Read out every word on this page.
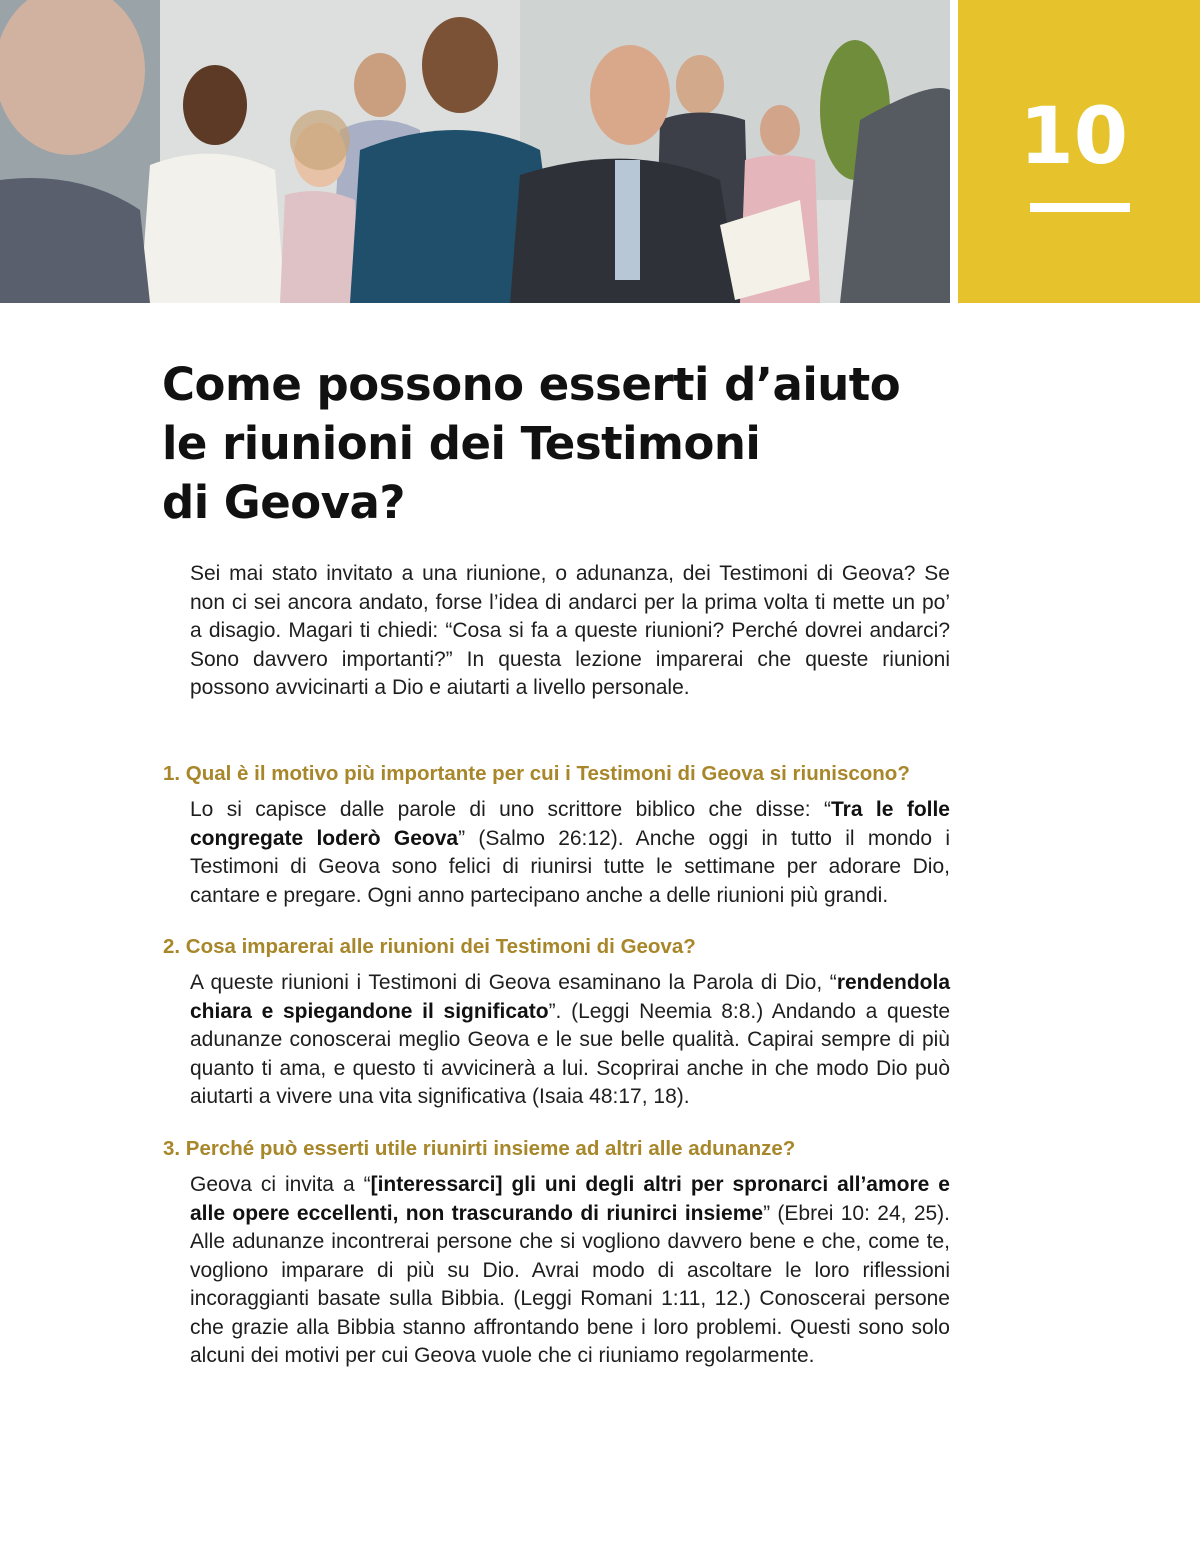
10
Come possono esserti d’aiuto
le riunioni dei Testimoni
di Geova?

Sei mai stato invitato a una riunione, o adunanza, dei Testimoni di Geova? Se non ci sei ancora andato, forse l’idea di andarci per la prima volta ti mette un po’ a disagio. Magari ti chiedi: “Cosa si fa a queste riunioni? Perché dovrei andarci? Sono davvero importanti?” In questa lezione imparerai che queste riunioni possono avvicinarti a Dio e aiutarti a livello personale.

1. Qual è il motivo più importante per cui i Testimoni di Geova si riuniscono?

Lo si capisce dalle parole di uno scrittore biblico che disse: “Tra le folle congregate loderò Geova” (Salmo 26:12). Anche oggi in tutto il mondo i Testimoni di Geova sono felici di riunirsi tutte le settimane per adorare Dio, cantare e pregare. Ogni anno partecipano anche a delle riunioni più grandi.

2. Cosa imparerai alle riunioni dei Testimoni di Geova?

A queste riunioni i Testimoni di Geova esaminano la Parola di Dio, “rendendola chiara e spiegandone il significato”. (Leggi Neemia 8:8.) Andando a queste adunanze conoscerai meglio Geova e le sue belle qualità. Capirai sempre di più quanto ti ama, e questo ti avvicinerà a lui. Scoprirai anche in che modo Dio può aiutarti a vivere una vita significativa (Isaia 48:17, 18).

3. Perché può esserti utile riunirti insieme ad altri alle adunanze?

Geova ci invita a “[interessarci] gli uni degli altri per spronarci all’amore e alle opere eccellenti, non trascurando di riunirci insieme” (Ebrei 10: 24, 25). Alle adunanze incontrerai persone che si vogliono davvero bene e che, come te, vogliono imparare di più su Dio. Avrai modo di ascoltare le loro riflessioni incoraggianti basate sulla Bibbia. (Leggi Romani 1:11, 12.) Conoscerai persone che grazie alla Bibbia stanno affrontando bene i loro problemi. Questi sono solo alcuni dei motivi per cui Geova vuole che ci riuniamo regolarmente.
